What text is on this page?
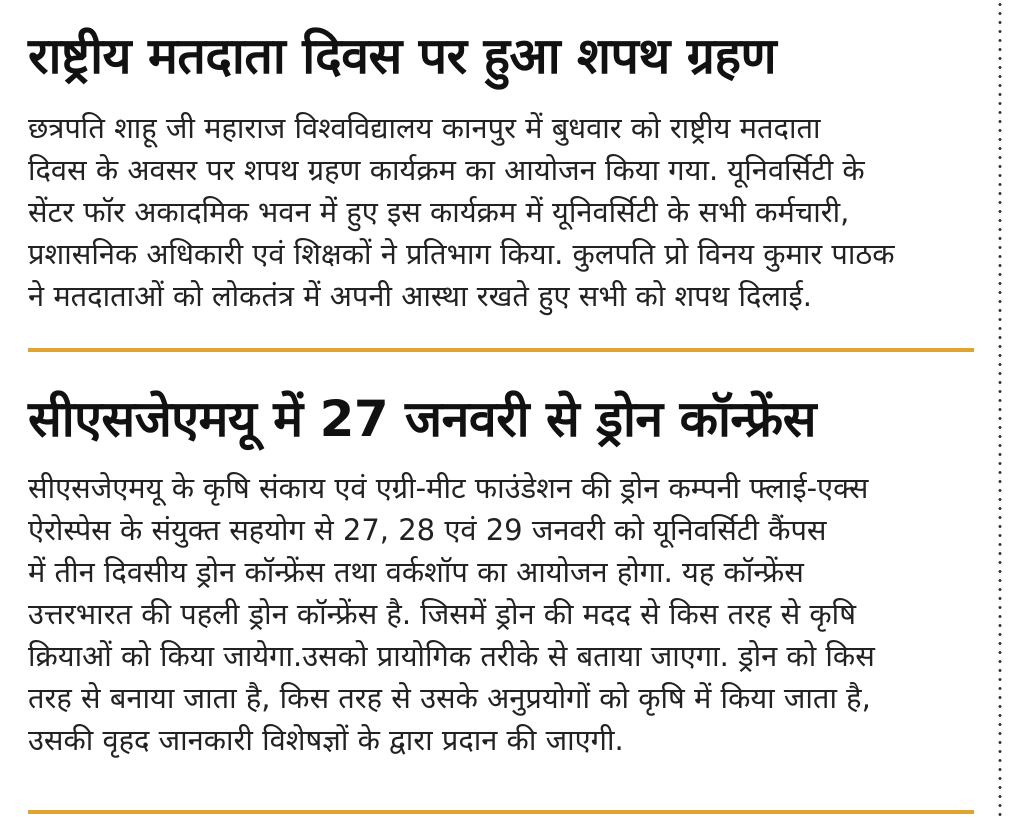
राष्ट्रीय मतदाता दिवस पर हुआ शपथ ग्रहण

छत्रपति शाहू जी महाराज विश्वविद्यालय कानपुर में बुधवार को राष्ट्रीय मतदाता
दिवस के अवसर पर शपथ ग्रहण कार्यक्रम का आयोजन किया गया. यूनिवर्सिटी के
सेंटर फॉर अकादमिक भवन में हुए इस कार्यक्रम में यूनिवर्सिटी के सभी कर्मचारी,
प्रशासनिक अधिकारी एवं शिक्षकों ने प्रतिभाग किया. कुलपति प्रो विनय कुमार पाठक
ने मतदाताओं को लोकतंत्र में अपनी आस्था रखते हुए सभी को शपथ दिलाई.

सीएसजेएमयू में 27 जनवरी से ड्रोन कॉन्फ्रेंस

सीएसजेएमयू के कृषि संकाय एवं एग्री-मीट फाउंडेशन की ड्रोन कम्पनी फ्लाई-एक्स
ऐरोस्पेस के संयुक्त सहयोग से 27, 28 एवं 29 जनवरी को यूनिवर्सिटी कैंपस
में तीन दिवसीय ड्रोन कॉन्फ्रेंस तथा वर्कशॉप का आयोजन होगा. यह कॉन्फ्रेंस
उत्तरभारत की पहली ड्रोन कॉन्फ्रेंस है. जिसमें ड्रोन की मदद से किस तरह से कृषि
क्रियाओं को किया जायेगा.उसको प्रायोगिक तरीके से बताया जाएगा. ड्रोन को किस
तरह से बनाया जाता है, किस तरह से उसके अनुप्रयोगों को कृषि में किया जाता है,
उसकी वृहद जानकारी विशेषज्ञों के द्वारा प्रदान की जाएगी.
